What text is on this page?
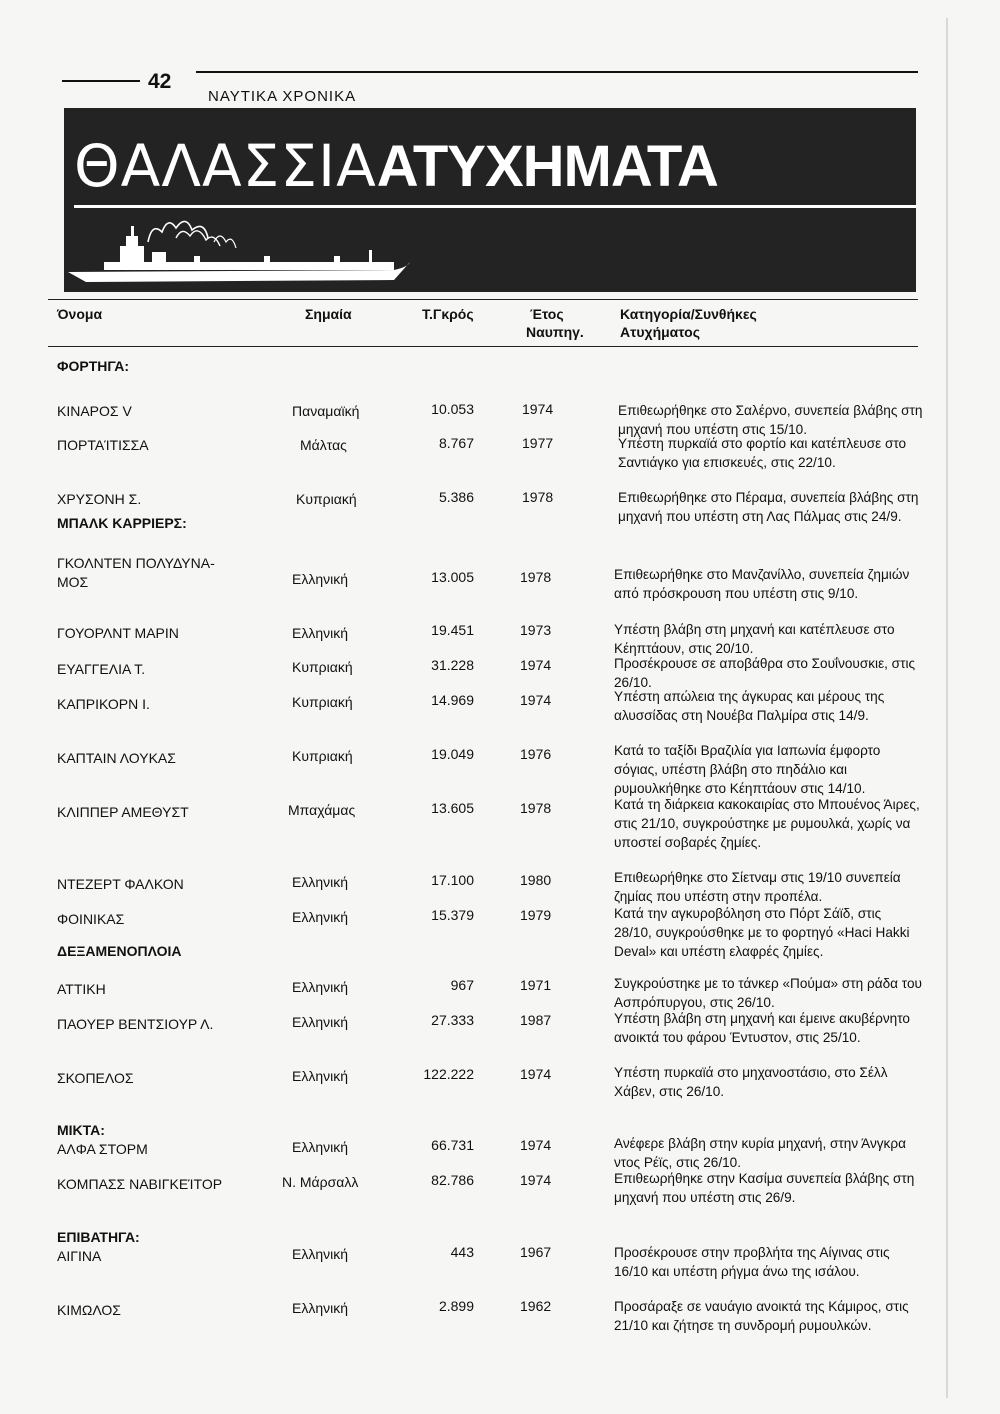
42
ΝΑΥΤΙΚΑ ΧΡΟΝΙΚΑ
ΘΑΛΑΣΣΙΑΑΤΥΧΗΜΑΤΑ
Όνομα	Σημαία	Τ.Γκρός	Έτος
Ναυπηγ.
Κατηγορία/Συνθήκες
Ατυχήματος
ΦΟΡΤΗΓΑ:
ΜΠΑΛΚ ΚΑΡΡΙΕΡΣ:
ΔΕΞΑΜΕΝΟΠΛΟΙΑ
ΜΙΚΤΑ:
ΕΠΙΒΑΤΗΓΑ:
ΚΙΝΑΡΟΣ V	Παναμαϊκή	10.053	1974	Επιθεωρήθηκε στο Σαλέρνο, συνεπεία βλάβης στη μηχανή που υπέστη στις 15/10.
ΠΟΡΤΑΊΤΙΣΣΑ	Μάλτας	8.767	1977	Υπέστη πυρκαϊά στο φορτίο και κατέπλευσε στο Σαντιάγκο για επισκευές, στις 22/10.
ΧΡΥΣΟΝΗ Σ.	Κυπριακή	5.386	1978	Επιθεωρήθηκε στο Πέραμα, συνεπεία βλάβης στη μηχανή που υπέστη στη Λας Πάλμας στις 24/9.
ΓΚΟΛΝΤΕΝ ΠΟΛΥΔΥΝΑ-
ΜΟΣ	Ελληνική	13.005	1978	Επιθεωρήθηκε στο Μανζανίλλο, συνεπεία ζημιών από πρόσκρουση που υπέστη στις 9/10.
ΓΟΥΟΡΛΝΤ ΜΑΡΙΝ	Ελληνική	19.451	1973	Υπέστη βλάβη στη μηχανή και κατέπλευσε στο Κέηπτάουν, στις 20/10.
ΕΥΑΓΓΕΛΙΑ Τ.	Κυπριακή	31.228	1974	Προσέκρουσε σε αποβάθρα στο Σουΐνουσκιε, στις 26/10.
ΚΑΠΡΙΚΟΡΝ Ι.	Κυπριακή	14.969	1974	Υπέστη απώλεια της άγκυρας και μέρους της αλυσσίδας στη Νουέβα Παλμίρα στις 14/9.
ΚΑΠΤΑΙΝ ΛΟΥΚΑΣ	Κυπριακή	19.049	1976	Κατά το ταξίδι Βραζιλία για Ιαπωνία έμφορτο σόγιας, υπέστη βλάβη στο πηδάλιο και ρυμουλκήθηκε στο Κέηπτάουν στις 14/10.
ΚΛΙΠΠΕΡ ΑΜΕΘΥΣΤ	Μπαχάμας	13.605	1978	Κατά τη διάρκεια κακοκαιρίας στο Μπουένος Άιρες, στις 21/10, συγκρούστηκε με ρυμουλκά, χωρίς να υποστεί σοβαρές ζημίες.
ΝΤΕΖΕΡΤ ΦΑΛΚΟΝ	Ελληνική	17.100	1980	Επιθεωρήθηκε στο Σίετναμ στις 19/10 συνεπεία ζημίας που υπέστη στην προπέλα.
ΦΟΙΝΙΚΑΣ	Ελληνική	15.379	1979	Κατά την αγκυροβόληση στο Πόρτ Σάϊδ, στις 28/10, συγκρούσθηκε με το φορτηγό «Haci Hakki Deval» και υπέστη ελαφρές ζημίες.
ΑΤΤΙΚΗ	Ελληνική	967	1971	Συγκρούστηκε με το τάνκερ «Πούμα» στη ράδα του Ασπρόπυργου, στις 26/10.
ΠΑΟΥΕΡ ΒΕΝΤΣΙΟΥΡ Λ.	Ελληνική	27.333	1987	Υπέστη βλάβη στη μηχανή και έμεινε ακυβέρνητο ανοικτά του φάρου Έντυστον, στις 25/10.
ΣΚΟΠΕΛΟΣ	Ελληνική	122.222	1974	Υπέστη πυρκαϊά στο μηχανοστάσιο, στο Σέλλ Χάβεν, στις 26/10.
ΑΛΦΑ ΣΤΟΡΜ	Ελληνική	66.731	1974	Ανέφερε βλάβη στην κυρία μηχανή, στην Άνγκρα ντος Ρέϊς, στις 26/10.
ΚΟΜΠΑΣΣ ΝΑΒΙΓΚΕΊΤΟΡ	Ν. Μάρσαλλ	82.786	1974	Επιθεωρήθηκε στην Κασίμα συνεπεία βλάβης στη μηχανή που υπέστη στις 26/9.
ΑΙΓΙΝΑ	Ελληνική	443	1967	Προσέκρουσε στην προβλήτα της Αίγινας στις 16/10 και υπέστη ρήγμα άνω της ισάλου.
ΚΙΜΩΛΟΣ	Ελληνική	2.899	1962	Προσάραξε σε ναυάγιο ανοικτά της Κάμιρος, στις 21/10 και ζήτησε τη συνδρομή ρυμουλκών.
